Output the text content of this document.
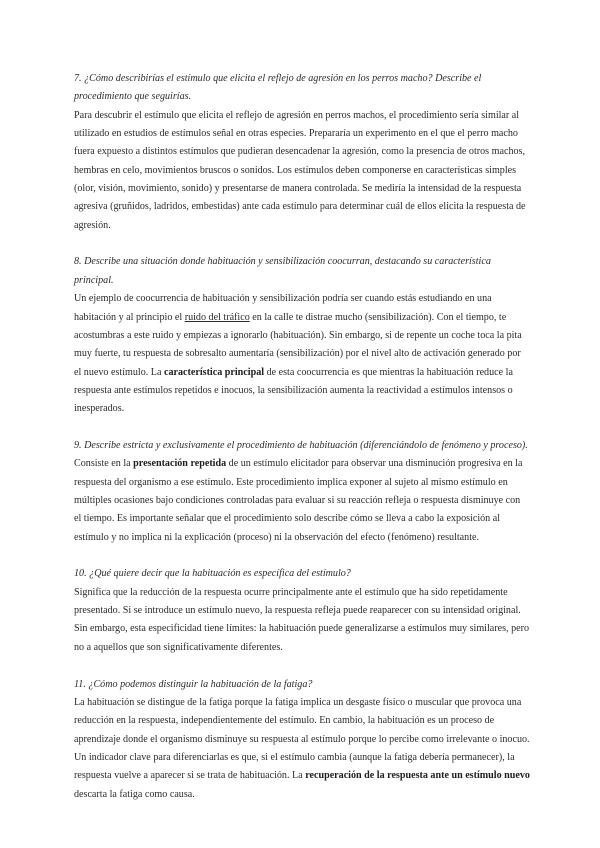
7. ¿Cómo describirías el estímulo que elicita el reflejo de agresión en los perros macho? Describe el procedimiento que seguirías.

Para descubrir el estímulo que elicita el reflejo de agresión en perros machos, el procedimiento sería similar al utilizado en estudios de estímulos señal en otras especies. Prepararía un experimento en el que el perro macho fuera expuesto a distintos estímulos que pudieran desencadenar la agresión, como la presencia de otros machos, hembras en celo, movimientos bruscos o sonidos. Los estímulos deben componerse en características simples (olor, visión, movimiento, sonido) y presentarse de manera controlada. Se mediría la intensidad de la respuesta agresiva (gruñidos, ladridos, embestidas) ante cada estímulo para determinar cuál de ellos elicita la respuesta de agresión.

8. Describe una situación donde habituación y sensibilización coocurran, destacando su característica principal.

Un ejemplo de coocurrencia de habituación y sensibilización podría ser cuando estás estudiando en una habitación y al principio el ruido del tráfico en la calle te distrae mucho (sensibilización). Con el tiempo, te acostumbras a este ruido y empiezas a ignorarlo (habituación). Sin embargo, si de repente un coche toca la pita muy fuerte, tu respuesta de sobresalto aumentaría (sensibilización) por el nivel alto de activación generado por el nuevo estímulo. La característica principal de esta coocurrencia es que mientras la habituación reduce la respuesta ante estímulos repetidos e inocuos, la sensibilización aumenta la reactividad a estímulos intensos o inesperados.

9. Describe estricta y exclusivamente el procedimiento de habituación (diferenciándolo de fenómeno y proceso).

Consiste en la presentación repetida de un estímulo elicitador para observar una disminución progresiva en la respuesta del organismo a ese estímulo. Este procedimiento implica exponer al sujeto al mismo estímulo en múltiples ocasiones bajo condiciones controladas para evaluar si su reacción refleja o respuesta disminuye con el tiempo. Es importante señalar que el procedimiento solo describe cómo se lleva a cabo la exposición al estímulo y no implica ni la explicación (proceso) ni la observación del efecto (fenómeno) resultante.

10. ¿Qué quiere decir que la habituación es específica del estímulo?

Significa que la reducción de la respuesta ocurre principalmente ante el estímulo que ha sido repetidamente presentado. Si se introduce un estímulo nuevo, la respuesta refleja puede reaparecer con su intensidad original. Sin embargo, esta especificidad tiene límites: la habituación puede generalizarse a estímulos muy similares, pero no a aquellos que son significativamente diferentes.

11. ¿Cómo podemos distinguir la habituación de la fatiga?

La habituación se distingue de la fatiga porque la fatiga implica un desgaste físico o muscular que provoca una reducción en la respuesta, independientemente del estímulo. En cambio, la habituación es un proceso de aprendizaje donde el organismo disminuye su respuesta al estímulo porque lo percibe como irrelevante o inocuo. Un indicador clave para diferenciarlas es que, si el estímulo cambia (aunque la fatiga debería permanecer), la respuesta vuelve a aparecer si se trata de habituación. La recuperación de la respuesta ante un estímulo nuevo descarta la fatiga como causa.
